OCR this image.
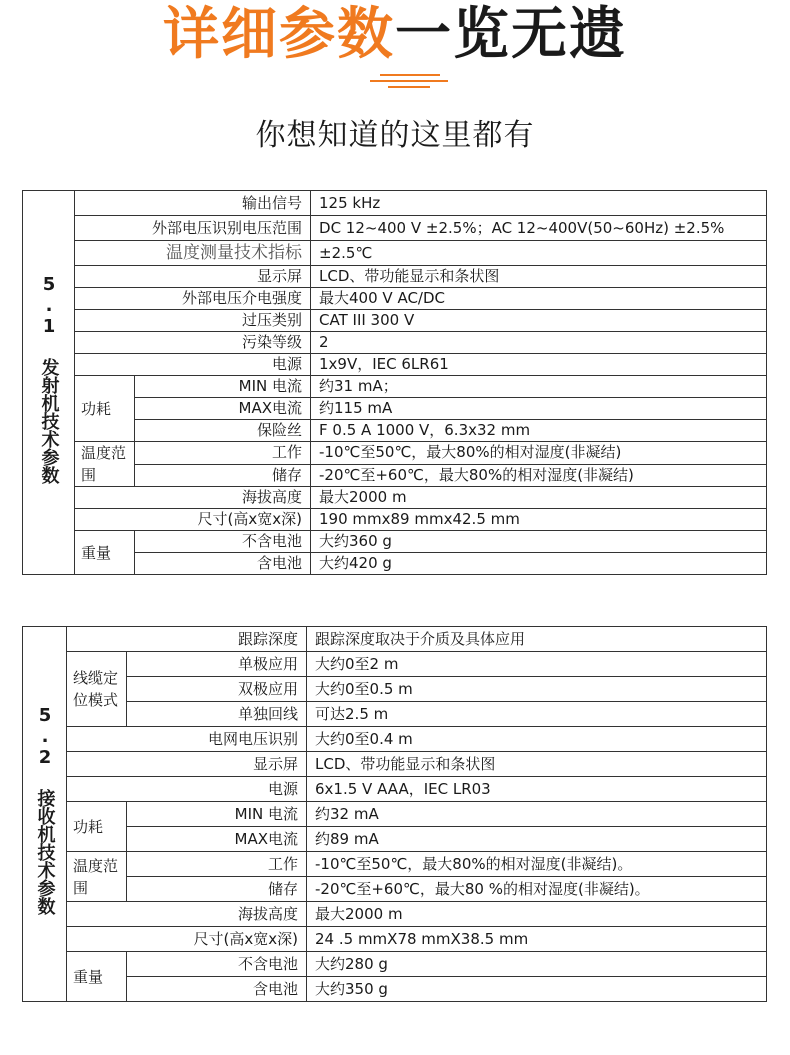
详细参数一览无遗
你想知道的这里都有
5.1 发射机技术参数	输出信号		125 kHz
	外部电压识别电压范围		DC 12~400 V ±2.5%；AC 12~400V(50~60Hz) ±2.5%
	温度测量技术指标		±2.5℃
	显示屏		LCD、带功能显示和条状图
	外部电压介电强度		最大400 V AC/DC
	过压类别		CAT III 300 V
	污染等级		2
	电源		1x9V，IEC 6LR61
	功耗	MIN 电流	约31 mA；
		MAX电流	约115 mA
		保险丝	F 0.5 A 1000 V，6.3x32 mm
	温度范围	工作	-10℃至50℃，最大80%的相对湿度(非凝结)
		储存	-20℃至+60℃，最大80%的相对湿度(非凝结)
	海拔高度		最大2000 m
	尺寸(高x宽x深)		190 mmx89 mmx42.5 mm
	重量	不含电池	大约360 g
		含电池	大约420 g
5.2 接收机技术参数	跟踪深度		跟踪深度取决于介质及具体应用
	线缆定位模式	单极应用	大约0至2 m
		双极应用	大约0至0.5 m
		单独回线	可达2.5 m
	电网电压识别		大约0至0.4 m
	显示屏		LCD、带功能显示和条状图
	电源		6x1.5 V AAA，IEC LR03
	功耗	MIN 电流	约32 mA
		MAX电流	约89 mA
	温度范围	工作	-10℃至50℃，最大80%的相对湿度(非凝结)。
		储存	-20℃至+60℃，最大80 %的相对湿度(非凝结)。
	海拔高度		最大2000 m
	尺寸(高x宽x深)		24 .5 mmX78 mmX38.5 mm
	重量	不含电池	大约280 g
		含电池	大约350 g
